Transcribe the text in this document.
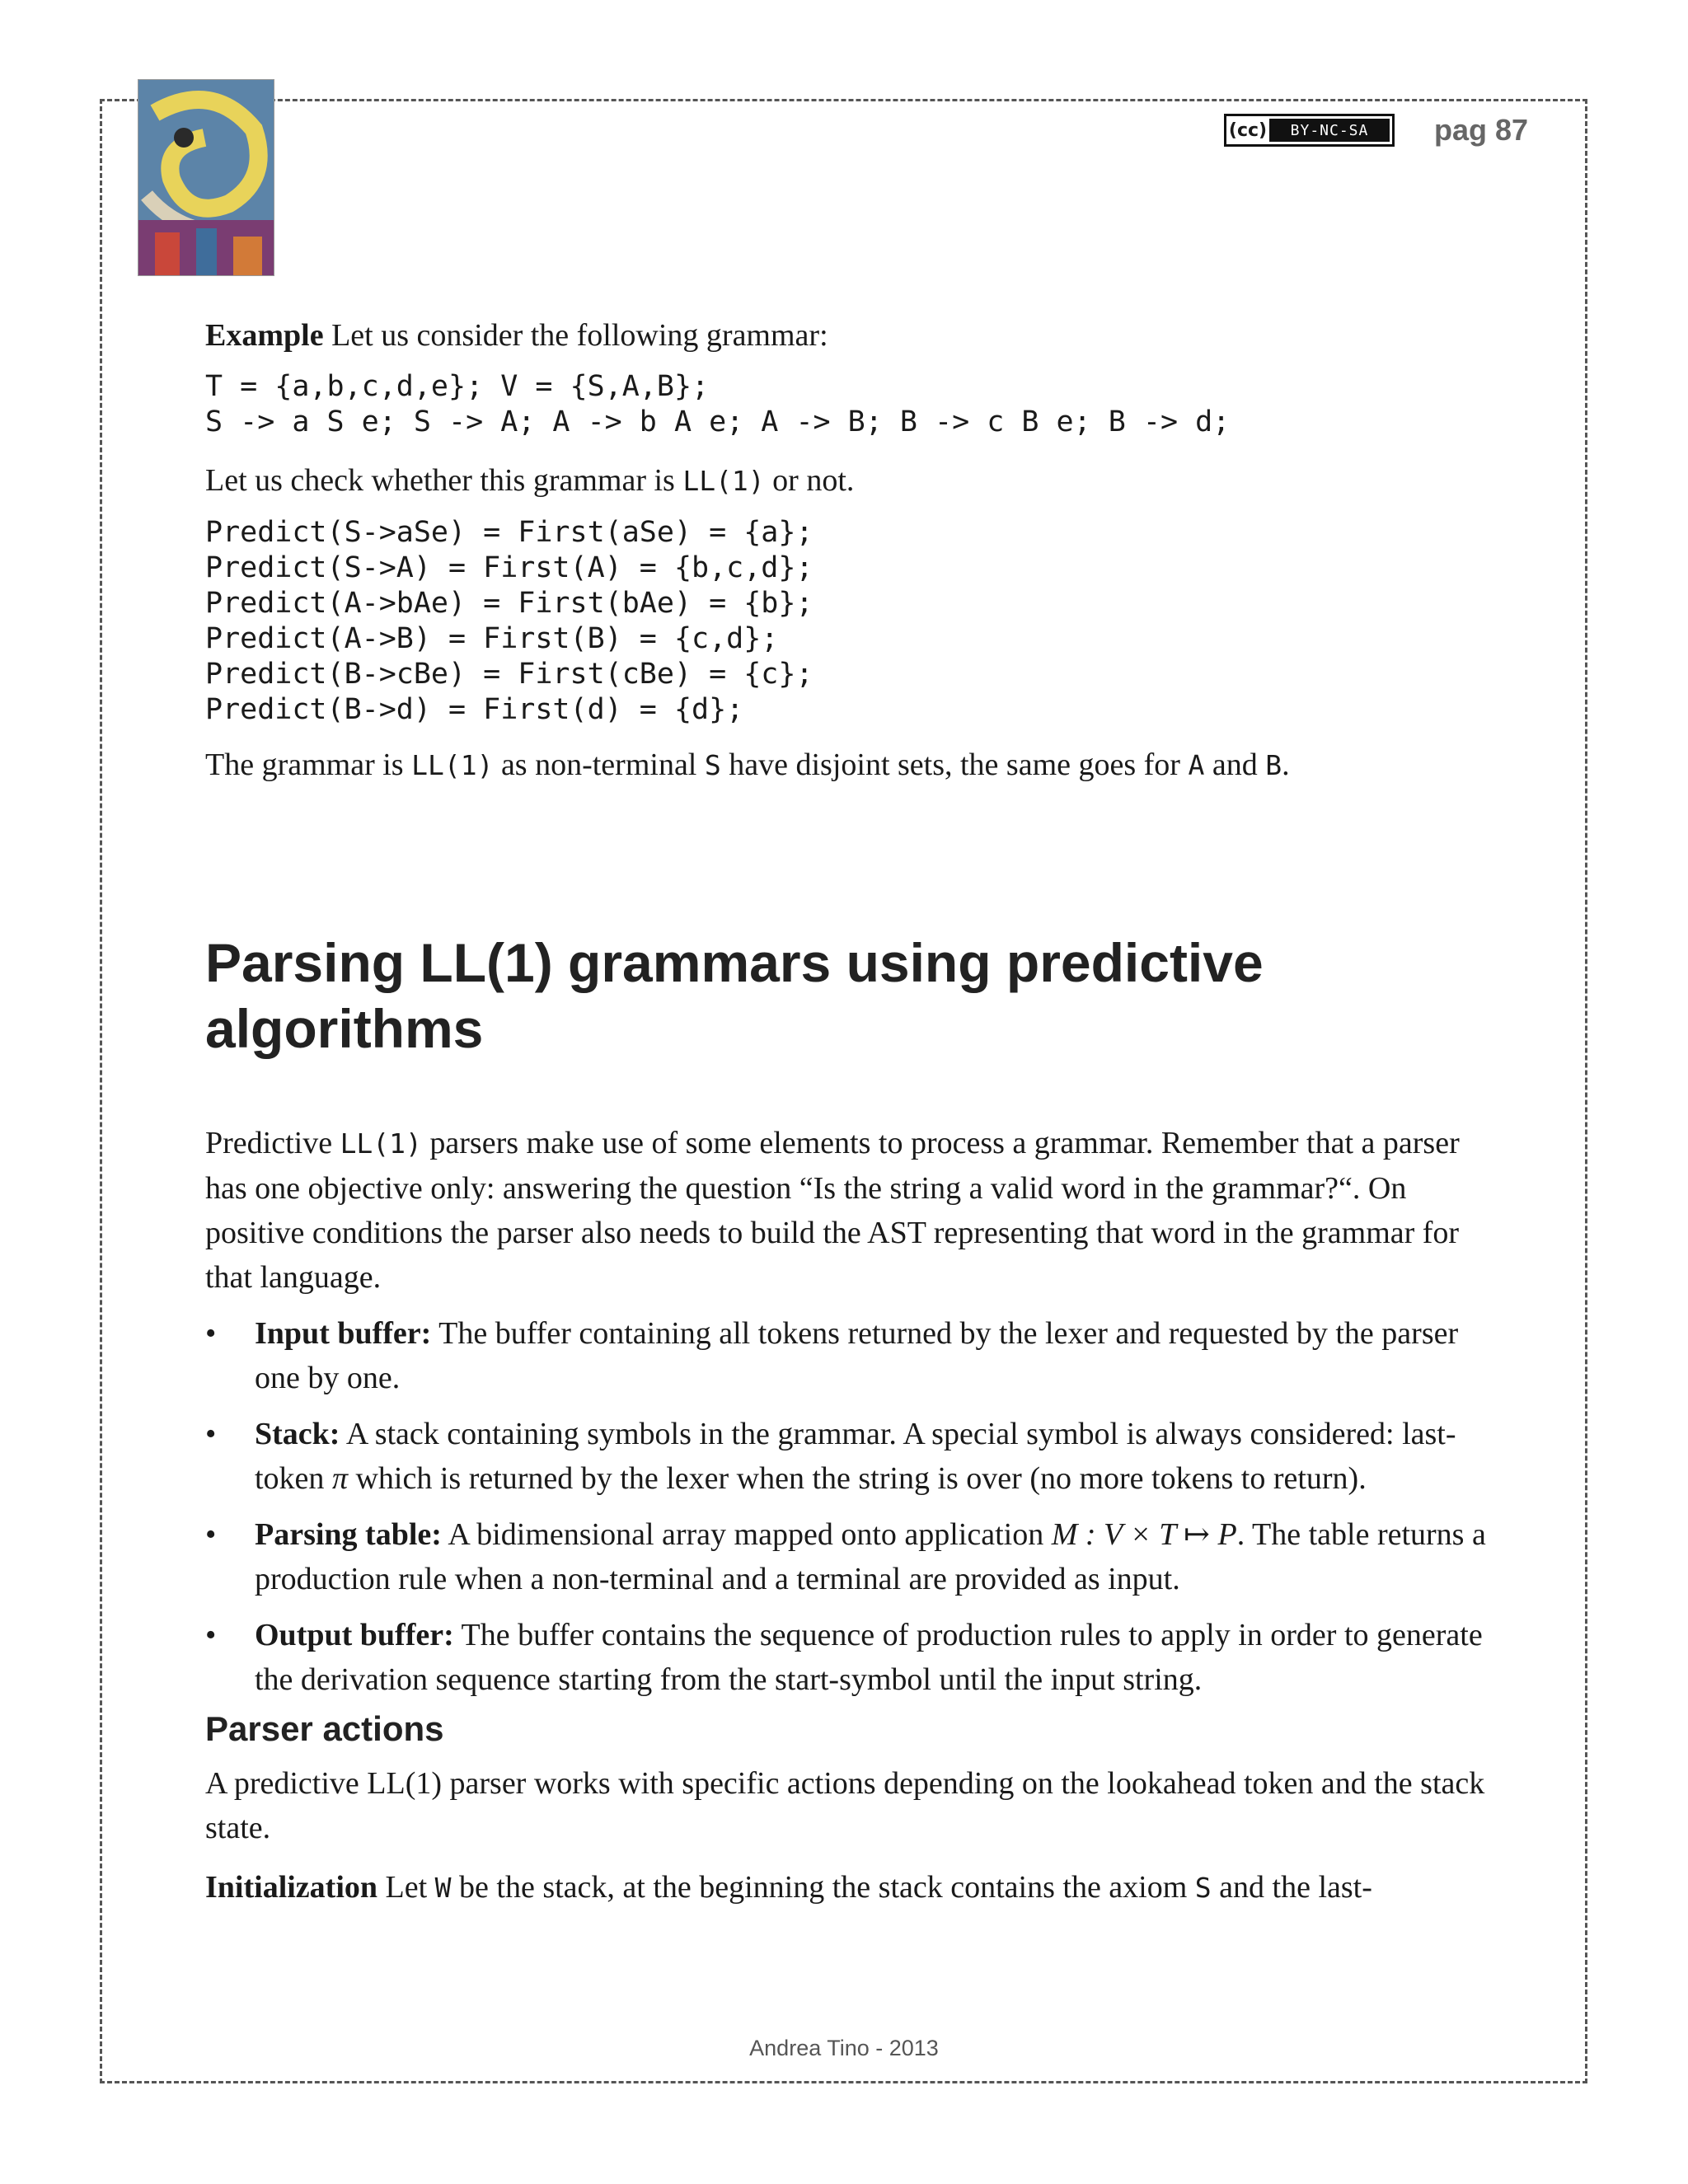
(cc)	BY-NC-SA	pag 87

Example Let us consider the following grammar:

T = {a,b,c,d,e}; V = {S,A,B};

S -> a S e; S -> A; A -> b A e; A -> B; B -> c B e; B -> d;

Let us check whether this grammar is LL(1) or not.

Predict(S->aSe) = First(aSe) = {a};

Predict(S->A) = First(A) = {b,c,d};

Predict(A->bAe) = First(bAe) = {b};

Predict(A->B) = First(B) = {c,d};

Predict(B->cBe) = First(cBe) = {c};

Predict(B->d) = First(d) = {d};

The grammar is LL(1) as non-terminal S have disjoint sets, the same goes for A and B.

Parsing LL(1) grammars using predictive

algorithms

Predictive LL(1) parsers make use of some elements to process a grammar. Remember that a parser has one objective only: answering the question “Is the string a valid word in the grammar?“. On positive conditions the parser also needs to build the AST representing that word in the grammar for that language.

• Input buffer: The buffer containing all tokens returned by the lexer and requested by the parser one by one.
• Stack: A stack containing symbols in the grammar. A special symbol is always considered: last-token π which is returned by the lexer when the string is over (no more tokens to return).
• Parsing table: A bidimensional array mapped onto application M : V × T ↦ P. The table returns a production rule when a non-terminal and a terminal are provided as input.
• Output buffer: The buffer contains the sequence of production rules to apply in order to generate the derivation sequence starting from the start-symbol until the input string.

Parser actions

A predictive LL(1) parser works with specific actions depending on the lookahead token and the stack state.

Initialization Let W be the stack, at the beginning the stack contains the axiom S and the last-

Andrea Tino - 2013
